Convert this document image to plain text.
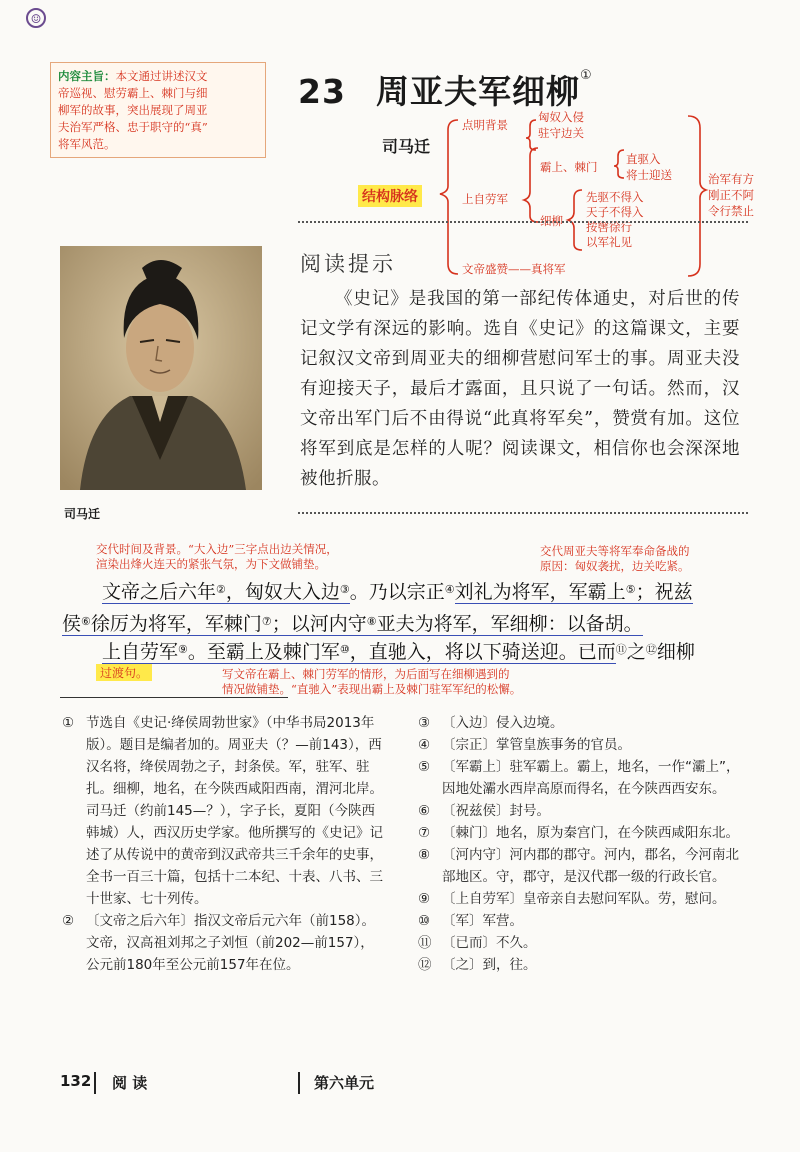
☺
内容主旨：本文通过讲述汉文
帝巡视、慰劳霸上、棘门与细
柳军的故事，突出展现了周亚
夫治军严格、忠于职守的“真”
将军风范。
23 周亚夫军细柳①
司马迁
结构脉络
点明背景
匈奴入侵
驻守边关
上自劳军
霸上、棘门
直驱入
将士迎送
细柳
先驱不得入
天子不得入
按辔徐行
以军礼见
文帝盛赞——真将军
治军有方
刚正不阿
令行禁止
司马迁
阅读提示

《史记》是我国的第一部纪传体通史，对后世的传记文学有深远的影响。选自《史记》的这篇课文，主要记叙汉文帝到周亚夫的细柳营慰问军士的事。周亚夫没有迎接天子，最后才露面，且只说了一句话。然而，汉文帝出军门后不由得说“此真将军矣”，赞赏有加。这位将军到底是怎样的人呢？阅读课文，相信你也会深深地被他折服。

交代时间及背景。“大入边”三字点出边关情况，
渲染出烽火连天的紧张气氛，为下文做铺垫。
交代周亚夫等将军奉命备战的
原因：匈奴袭扰，边关吃紧。
文帝之后六年②，匈奴大入边③。乃以宗正④刘礼为将军，军霸上⑤；祝兹
侯⑥徐厉为将军，军棘门⑦；以河内守⑧亚夫为将军，军细柳：以备胡。
上自劳军⑨。至霸上及棘门军⑩，直驰入，将以下骑送迎。已而⑪之⑫细柳
过渡句。	写文帝在霸上、棘门劳军的情形，为后面写在细柳遇到的
情况做铺垫。“直驰入”表现出霸上及棘门驻军军纪的松懈。
① 节选自《史记·绛侯周勃世家》（中华书局2013年版）。题目是编者加的。周亚夫（？—前143），西汉名将，绛侯周勃之子，封条侯。军，驻军、驻扎。细柳，地名，在今陕西咸阳西南，渭河北岸。司马迁（约前145—？），字子长，夏阳（今陕西韩城）人，西汉历史学家。他所撰写的《史记》记述了从传说中的黄帝到汉武帝共三千余年的史事，全书一百三十篇，包括十二本纪、十表、八书、三十世家、七十列传。
② 〔文帝之后六年〕指汉文帝后元六年（前158）。文帝，汉高祖刘邦之子刘恒（前202—前157），公元前180年至公元前157年在位。
③ 〔入边〕侵入边境。
④ 〔宗正〕掌管皇族事务的官员。
⑤ 〔军霸上〕驻军霸上。霸上，地名，一作“灞上”，因地处灞水西岸高原而得名，在今陕西西安东。
⑥ 〔祝兹侯〕封号。
⑦ 〔棘门〕地名，原为秦宫门，在今陕西咸阳东北。
⑧ 〔河内守〕河内郡的郡守。河内，郡名，今河南北部地区。守，郡守，是汉代郡一级的行政长官。
⑨ 〔上自劳军〕皇帝亲自去慰问军队。劳，慰问。
⑩ 〔军〕军营。
⑪ 〔已而〕不久。
⑫ 〔之〕到，往。
132 阅 读	第六单元
